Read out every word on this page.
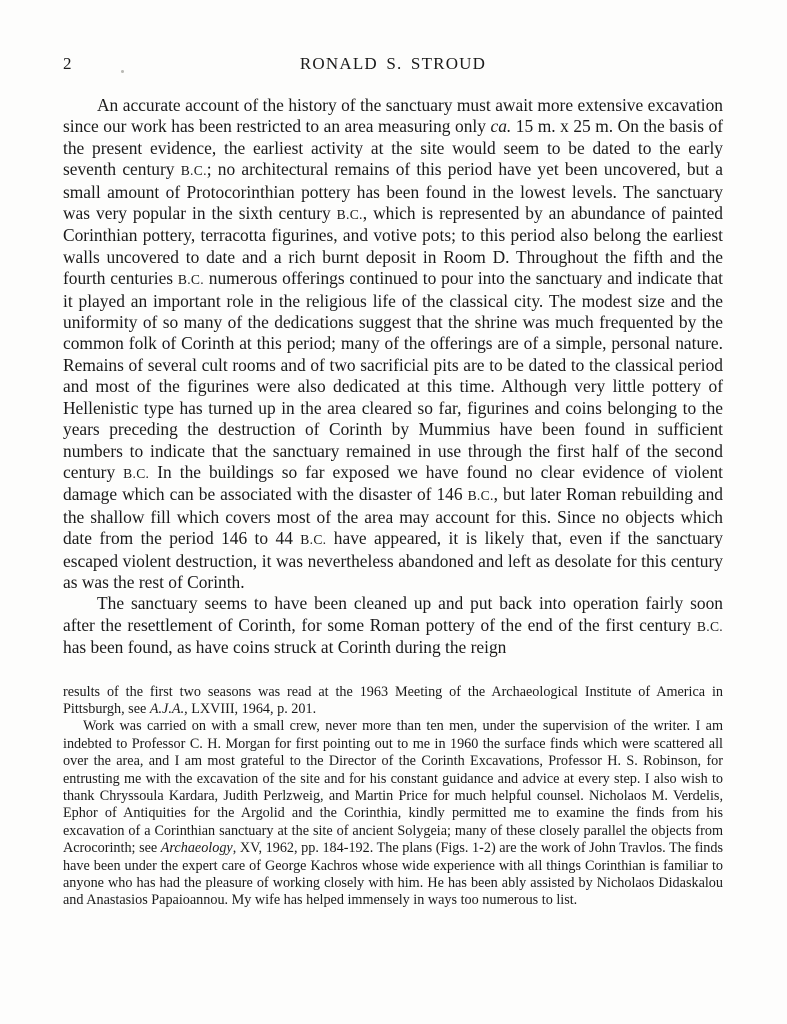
2	RONALD S. STROUD

An accurate account of the history of the sanctuary must await more extensive excavation since our work has been restricted to an area measuring only ca. 15 m. x 25 m. On the basis of the present evidence, the earliest activity at the site would seem to be dated to the early seventh century B.C.; no architectural remains of this period have yet been uncovered, but a small amount of Protocorinthian pottery has been found in the lowest levels. The sanctuary was very popular in the sixth century B.C., which is represented by an abundance of painted Corinthian pottery, terracotta figurines, and votive pots; to this period also belong the earliest walls uncovered to date and a rich burnt deposit in Room D. Throughout the fifth and the fourth centuries B.C. numerous offerings continued to pour into the sanctuary and indicate that it played an important role in the religious life of the classical city. The modest size and the uniformity of so many of the dedications suggest that the shrine was much frequented by the common folk of Corinth at this period; many of the offerings are of a simple, personal nature. Remains of several cult rooms and of two sacrificial pits are to be dated to the classical period and most of the figurines were also dedicated at this time. Although very little pottery of Hellenistic type has turned up in the area cleared so far, figurines and coins belonging to the years preceding the destruction of Corinth by Mummius have been found in sufficient numbers to indicate that the sanctuary remained in use through the first half of the second century B.C. In the buildings so far exposed we have found no clear evidence of violent damage which can be associated with the disaster of 146 B.C., but later Roman rebuilding and the shallow fill which covers most of the area may account for this. Since no objects which date from the period 146 to 44 B.C. have appeared, it is likely that, even if the sanctuary escaped violent destruction, it was nevertheless abandoned and left as desolate for this century as was the rest of Corinth.

The sanctuary seems to have been cleaned up and put back into operation fairly soon after the resettlement of Corinth, for some Roman pottery of the end of the first century B.C. has been found, as have coins struck at Corinth during the reign

results of the first two seasons was read at the 1963 Meeting of the Archaeological Institute of America in Pittsburgh, see A.J.A., LXVIII, 1964, p. 201.

Work was carried on with a small crew, never more than ten men, under the supervision of the writer. I am indebted to Professor C. H. Morgan for first pointing out to me in 1960 the surface finds which were scattered all over the area, and I am most grateful to the Director of the Corinth Excavations, Professor H. S. Robinson, for entrusting me with the excavation of the site and for his constant guidance and advice at every step. I also wish to thank Chryssoula Kardara, Judith Perlzweig, and Martin Price for much helpful counsel. Nicholaos M. Verdelis, Ephor of Antiquities for the Argolid and the Corinthia, kindly permitted me to examine the finds from his excavation of a Corinthian sanctuary at the site of ancient Solygeia; many of these closely parallel the objects from Acrocorinth; see Archaeology, XV, 1962, pp. 184-192. The plans (Figs. 1-2) are the work of John Travlos. The finds have been under the expert care of George Kachros whose wide experience with all things Corinthian is familiar to anyone who has had the pleasure of working closely with him. He has been ably assisted by Nicholaos Didaskalou and Anastasios Papaioannou. My wife has helped immensely in ways too numerous to list.
